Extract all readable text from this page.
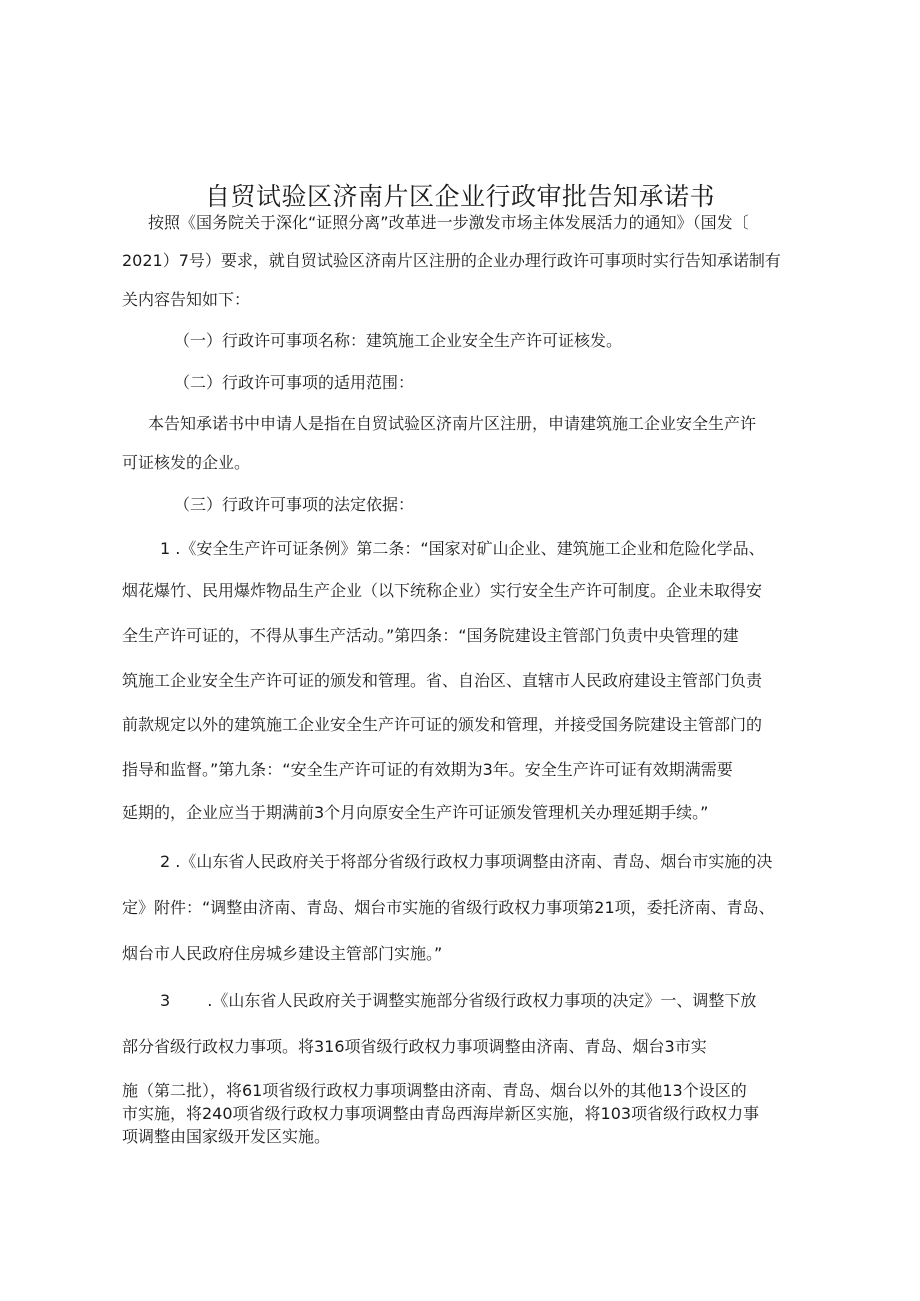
自贸试验区济南片区企业行政审批告知承诺书

按照《国务院关于深化“证照分离”改革进一步激发市场主体发展活力的通知》（国发〔

2021）7号）要求，就自贸试验区济南片区注册的企业办理行政许可事项时实行告知承诺制有

关内容告知如下：

（一）行政许可事项名称：建筑施工企业安全生产许可证核发。

（二）行政许可事项的适用范围：

本告知承诺书中申请人是指在自贸试验区济南片区注册，申请建筑施工企业安全生产许

可证核发的企业。

（三）行政许可事项的法定依据：

1 .《安全生产许可证条例》第二条：“国家对矿山企业、建筑施工企业和危险化学品、

烟花爆竹、民用爆炸物品生产企业（以下统称企业）实行安全生产许可制度。企业未取得安

全生产许可证的，不得从事生产活动。”第四条：“国务院建设主管部门负责中央管理的建

筑施工企业安全生产许可证的颁发和管理。省、自治区、直辖市人民政府建设主管部门负责

前款规定以外的建筑施工企业安全生产许可证的颁发和管理，并接受国务院建设主管部门的

指导和监督。”第九条：“安全生产许可证的有效期为3年。安全生产许可证有效期满需要

延期的，企业应当于期满前3个月向原安全生产许可证颁发管理机关办理延期手续。”

2 .《山东省人民政府关于将部分省级行政权力事项调整由济南、青岛、烟台市实施的决

定》附件：“调整由济南、青岛、烟台市实施的省级行政权力事项第21项，委托济南、青岛、

烟台市人民政府住房城乡建设主管部门实施。”

3 　　.《山东省人民政府关于调整实施部分省级行政权力事项的决定》一、调整下放

部分省级行政权力事项。将316项省级行政权力事项调整由济南、青岛、烟台3市实

施（第二批），将61项省级行政权力事项调整由济南、青岛、烟台以外的其他13个设区的

市实施，将240项省级行政权力事项调整由青岛西海岸新区实施，将103项省级行政权力事

项调整由国家级开发区实施。
